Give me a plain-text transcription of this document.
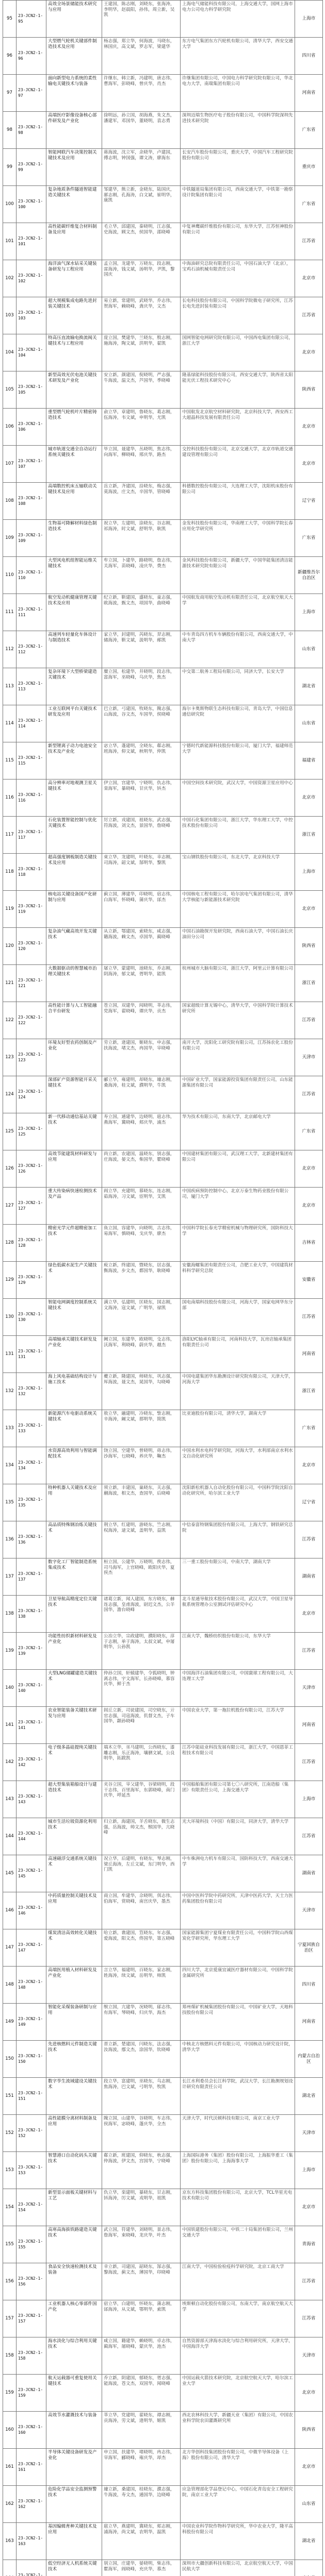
95	23-JCN2-1-95	高效全场景储能技术研究与应用	王建国，陈志刚，刘晓东，张海涛，李明华，赵晨阳，孙伟，周立新，吴凯	上海电气储能科技有限公司，上海交通大学，国网上海市电力公司电力科学研究院	上海市
96	23-JCN2-1-96	大型燃气轮机关键部件制造技术及应用	杨志强，郑立华，何海波，马晓东，林国庆，高文斌，罗志军，梁建华	东方电气集团东方汽轮机有限公司，清华大学，西安交通大学	四川省
97	23-JCN2-1-97	面向新型电力系统的柔性输电关键技术与装备	许继东，韩立新，冯建明，唐志伟，曹海军，彭晓峰，曾庆华，肖杰	许继集团有限公司，中国电力科学研究院有限公司，华北电力大学，南瑞集团有限公司	河南省
98	23-JCN2-1-98	高端医疗影像设备核心部件研发及产业化	徐明远，孙立国，胡海燕，朱文杰，潘建军，邓国华，董晓明，袁志勇	深圳迈瑞生物医疗电子股份有限公司，中国科学院深圳先进技术研究院	广东省
99	23-JCN2-1-99	智能网联汽车决策控制关键技术及应用	蒋海波，沈立军，余晓华，卢建国，傅志明，钟国强，谭文涛，廖海东	长安汽车股份有限公司，重庆大学，中国汽车工程研究院股份有限公司	重庆市
100	23-JCN2-1-100	复杂地质条件隧道智能建造关键技术	邹建华，熊立新，金晓东，陆国庆，郝志刚，孔海涛，白文斌，崔明华，康凯	中铁隧道局集团有限公司，西南交通大学，中铁第一勘察设计院集团有限公司	广东省
101	23-JCN2-1-101	高性能碳纤维复合材料制备及应用	毛立华，邱建国，秦晓明，江志强，史海波，顾文杰，侯国华，邵晓峰	中复神鹰碳纤维股份有限公司，东华大学，江苏恒神股份有限公司	江苏省
102	23-JCN2-1-102	海洋油气深水钻采关键装备研发与工程应用	孟立国，龙建华，万晓东，段志刚，雷海涛，钱文斌，汤明华，尹凯，黎国庆	中海油研究总院有限责任公司，中国石油大学（北京），宝鸡石油机械有限责任公司	北京市
103	23-JCN2-1-103	超大规模集成电路先进封装关键技术	易立新，常建明，武晓华，乔志伟，贺海军，赖晓峰，龚庆华，文杰	长电科技股份有限公司，中国科学院微电子研究所，江苏长电先进封装有限公司	江苏省
104	23-JCN2-1-104	特高压直流输电换流阀关键技术与工程应用	庞立国，樊建华，兰晓东，殷志刚，施海涛，陶文斌，洪明华，翟凯	国网智能电网研究院有限公司，中国西电集团有限公司，浙江大学	北京市
105	23-JCN2-1-105	新型高效光伏电池关键技术研发及产业化	安立新，颜建国，倪晓明，严志强，牛海波，温文杰，芦国华，季晓峰	隆基绿能科技股份有限公司，西安交通大学，陕西省太阳能光伏工程技术研究中心	陕西省
106	23-JCN2-1-106	重型燃气轮机叶片精密铸造技术	俞立华，章建明，鲁晓东，葛志刚，伍海涛，韦文斌，申明华，尤凯	中国航发北京航空材料研究院，北京科技大学，西安西工大超晶科技发展有限责任公司	北京市
107	23-JCN2-1-107	城市轨道交通全自动运行系统关键技术	毕立国，聂建华，丛晓明，焦志伟，向海军，柳晓峰，邢庆华，路杰	交控科技股份有限公司，北京交通大学，北京市轨道交通建设管理有限公司	北京市
108	23-JCN2-1-108	高端数控机床五轴联动关键技术及应用	岳立新，齐建国，沿晓东，梅志强，莫海波，庄文杰，辛国华，管晓峰	科德数控股份有限公司，大连理工大学，沈阳机床股份有限公司	辽宁省
109	23-JCN2-1-109	生物基可降解材料绿色制造技术	祝立华，左建明，涂晓东，谷志刚，祁海涛，时文斌，舒明华，耿凯	金发科技股份有限公司，华南理工大学，中国科学院长春应用化学研究所	广东省
110	23-JCN2-1-110	大型风电机组智能运维关键技术	牟立国，卜建华，路晓明，詹志伟，关海军，苗晓峰，凌庆华，费杰	金风科技股份有限公司，新疆大学，中国华能集团清洁能源技术研究院有限公司	新疆维吾尔自治区
111	23-JCN2-1-111	航空发动机健康管理关键技术及应用	纪立新，靳建国，盛晓东，童志强，欧海波，甄文杰，项国华，曲晓峰	中国航发商用航空发动机有限责任公司，北京航空航天大学	上海市
112	23-JCN2-1-112	高速列车轻量化车体设计与制造技术	家立华，封建明，芮晓东，羿志刚，储海涛，靳文斌，汲明华，邴凯	中车青岛四方机车车辆股份有限公司，西南交通大学，中南大学	山东省
113	23-JCN2-1-113	复杂环境下大型桥梁建造关键技术	糜立国，松建华，井晓明，段志伟，富海军，巫晓峰，乌庆华，焦杰	中交第二航务工程局有限公司，同济大学，长安大学	湖北省
114	23-JCN2-1-114	工业互联网平台关键技术研发及应用	巴立新，弓建国，牧晓东，隗志强，山海波，谷文杰，车国华，侯晓峰	海尔卡奥斯物联生态科技有限公司，青岛大学，中国信息通信研究院	山东省
115	23-JCN2-1-115	新型锂离子动力电池安全技术及产业化	宓立华，蓬建明，全晓东，郗志刚，班海涛，仰文斌，秋明华，仲凯	宁德时代新能源科技股份有限公司，厦门大学，福建师范大学	福建省
116	23-JCN2-1-116	高分辨率对地观测卫星关键技术	伊立国，宫建华，宁晓明，仇志伟，栾海军，暴晓峰，甘庆华，钭杰	中国空间技术研究院，武汉大学，中国资源卫星应用中心	北京市
117	23-JCN2-1-117	石化装置智能控制与优化关键技术	厉立新，戎建国，祖晓东，武志强，符海波，刘文杰，景国华，詹晓峰	中国石化集团有限公司，浙江大学，华东理工大学，中控技术股份有限公司	浙江省
118	23-JCN2-1-118	超高强度钢板制造关键技术及应用	束立华，龙建明，叶晓东，幸志刚，司海涛，韶文斌，郜明华，黎凯	宝山钢铁股份有限公司，东北大学，北京科技大学	上海市
119	23-JCN2-1-119	核电站关键设备国产化研制与应用	蓟立国，薄建华，印晓明，宿志伟，白海军，怀晓峰，蒲庆华，邰杰	中国核电工程有限公司，哈尔滨电气集团有限公司，清华大学核能与新能源技术研究院	北京市
120	23-JCN2-1-120	复杂油气藏高效开发关键技术	从立新，鄂建国，索晓东，咸志强，籍海波，赖文杰，卓国华，蔺晓峰	中国石油勘探开发研究院，西南石油大学，中国石油长庆油田分公司	陕西省
121	23-JCN2-1-121	大数据驱动的智慧城市治理关键技术	屠立华，蒙建明，池晓东，乔志刚，阴海涛，郁文斌，胥明华，能凯	杭州城市大脑有限公司，浙江大学，阿里云计算有限公司	浙江省
122	23-JCN2-1-122	高性能计算与人工智能融合平台研发	苍立国，双建华，闻晓明，莘志伟，党海军，翟晓峰，谭庆华，贡杰	国家超级计算无锡中心，清华大学，中国科学院计算技术研究所	江苏省
123	23-JCN2-1-123	环境友好型农药创制及产业化	劳立新，逄建国，姬晓东，申志强，扶海波，堵文杰，冉国华，宰晓峰	南开大学，沈阳化工研究院有限公司，江苏扬农化工股份有限公司	天津市
124	23-JCN2-1-124	深部矿产资源智能开采关键技术	郦立华，雍建明，却晓东，璩志刚，桑海涛，桂文斌，濮明华，牛凯	中国矿业大学，国家能源投资集团有限责任公司，山东能源集团有限公司	江苏省
125	23-JCN2-1-125	新一代移动通信基站关键技术	寿立国，通建华，边晓明，扈志伟，燕海军，冀晓峰，郏庆华，浦杰	华为技术有限公司，东南大学，北京邮电大学	广东省
126	23-JCN2-1-126	高效节能建筑材料研发与应用	尚立新，农建国，温晓东，别志强，庄海波，晏文杰，柴国华，瞿晓峰	中国建材集团有限公司，武汉理工大学，北新建材集团有限公司	北京市
127	23-JCN2-1-127	重大传染病快速检测技术及产品	阎立华，充建明，慕晓东，连志刚，茹海涛，习文斌，宦明华，艾凯	中国疾病预防控制中心，北京万泰生物药业股份有限公司，厦门大学	北京市
128	23-JCN2-1-128	精密光学元件超精密加工技术	鱼立国，容建华，向晓明，古志伟，易海军，慎晓峰，戈庆华，廖杰	中国科学院长春光学精密机械与物理研究所，国防科技大学	吉林省
129	23-JCN2-1-129	绿色低碳水泥生产关键技术	庾立新，终建国，暨晓东，居志强，衡海波，步文杰，都国华，耿晓峰	安徽海螺集团有限责任公司，合肥工业大学，中国建筑材料科学研究总院	安徽省
130	23-JCN2-1-130	智能电网调度控制系统关键技术	满立华，弘建明，匡晓东，国志刚，文海涛，寇文斌，广明华，禄凯	国电南瑞科技股份有限公司，河海大学，国家电网华东分部	江苏省
131	23-JCN2-1-131	高端轴承关键技术研发及产业化	阙立国，东建华，欧晓明，殳志伟，沃海军，利晓峰，蔚庆华，越杰	洛阳LYC轴承有限公司，河南科技大学，瓦房店轴承集团有限责任公司	河南省
132	23-JCN2-1-132	海上风电基础结构设计与施工技术	夔立新，隆建国，师晓东，巩志强，厍海波，聂文杰，晁国华，勾晓峰	中国电建集团华东勘测设计研究院有限公司，天津大学，河海大学	浙江省
133	23-JCN2-1-133	新能源汽车电驱动系统关键技术	敖立华，融建明，冷晓东，訾志刚，辛海涛，阚文斌，那明华，简凯	比亚迪股份有限公司，清华大学，湖南大学	广东省
134	23-JCN2-1-134	水资源高效利用与智能调配技术	饶立国，空建华，曾晓明，毋志伟，沙海军，乜晓峰，养庆华，鞠杰	中国水利水电科学研究院，河海大学，水利部南京水利水文自动化研究所	北京市
135	23-JCN2-1-135	特种机器人关键技术及应用	须立新，丰建国，巢晓东，关志强，蒯海波，相文杰，查国华，后晓峰	沈阳新松机器人自动化股份有限公司，中国科学院沈阳自动化研究所，哈尔滨工业大学	辽宁省
136	23-JCN2-1-136	高品质特殊钢冶炼关键技术	荆立华，红建明，游晓东，竺志刚，权海涛，逯文斌，盖明华，益凯	中信泰富特钢集团股份有限公司，上海大学，钢铁研究总院	江苏省
137	23-JCN2-1-137	数字化工厂智能制造系统集成技术	桓立国，公建华，万晓明，俟志伟，司马海军，上官晓峰，欧阳庆华，夏侯杰	三一重工股份有限公司，中南大学，湖南大学	湖南省
138	23-JCN2-1-138	卫星导航高精度定位关键技术	诸葛立新，闻人建国，东方晓东，赫连志强，皇甫海波，尉迟文杰，公羊国华，澹台晓峰	北斗星通导航技术股份有限公司，武汉大学，中国卫星导航系统管理办公室测试评估研究中心	北京市
139	23-JCN2-1-139	功能性纺织新材料研发及产业化	公冶立华，宗政建明，濮阳晓东，淳于志刚，单于海涛，太叔文斌，申屠明华，公孙凯	江南大学，魏桥纺织股份有限公司，东华大学	江苏省
140	23-JCN2-1-140	大型LNG储罐建造关键技术	仲孙立国，轩辕建华，令狐晓明，钟离志伟，宇文海军，长孙晓峰，慕容庆华，鲜于杰	中国海洋石油集团有限公司，中国寰球工程有限公司，大连理工大学	天津市
141	23-JCN2-1-141	农业智能装备关键技术研发与应用	闾丘立新，司徒建国，司空晓东，亓官志强，司寇海波，仉督文杰，子车国华，颛孙晓峰	中国农业大学，第一拖拉机股份有限公司，江苏大学	河南省
142	23-JCN2-1-142	电子级多晶硅提纯关键技术	端木立华，巫马建明，公西晓东，漆雕志刚，乐正海涛，壤驷文斌，公良明华，拓跋凯	江苏中能硅业科技发展有限公司，浙江大学，中国恩菲工程技术有限公司	江苏省
143	23-JCN2-1-143	超大型集装箱船设计与建造技术	夹谷立国，宰父建华，谷梁晓明，段干志伟，百里海军，东郭晓峰，南门庆华，呼延杰	中国船舶集团有限公司第七〇八研究所，江南造船（集团）有限责任公司，上海交通大学	上海市
144	23-JCN2-1-144	城市生活垃圾资源化利用技术	归立新，海建国，羊舌晓东，微生志强，岳海波，帅文杰，缑国华，亢晓峰	光大环境科技（中国）有限公司，同济大学，清华大学	江苏省
145	23-JCN2-1-145	高速磁浮交通系统关键技术	况立华，后建明，有晓东，琴志刚，梁丘海涛，左丘文斌，东门明华，西门凯	中车株洲电力机车有限公司，国防科技大学，西南交通大学	湖南省
146	23-JCN2-1-146	中药质量控制关键技术及应用	商立国，牟建华，佘晓明，佴志伟，伯海军，赏晓峰，南宫庆华，墨杰	中国中医科学院中药研究所，天津中医药大学，天士力医药集团股份有限公司	天津市
147	23-JCN2-1-147	煤炭清洁高效转化关键技术	哈立新，谯建国，笪晓东，年志强，爱海波，阳文杰，佟国华，第五晓峰	国家能源集团宁夏煤业有限责任公司，中国科学院山西煤炭化学研究所，华东理工大学	宁夏回族自治区
148	23-JCN2-1-148	高端医用植入材料研发及产业化	言立华，福建明，百晓东，家志刚，姓海涛，续文斌，岳明华，帅凯	四川大学，北京爱康宜诚医疗器材有限公司，中国科学院金属研究所	四川省
149	23-JCN2-1-149	智能化采煤装备研制与应用	缑立国，亢建华，况晓明，郈志伟，有海军，琴晓峰，归庆华，海杰	郑州煤矿机械集团股份有限公司，中国矿业大学，天地科技股份有限公司	河南省
150	23-JCN2-1-150	先进核燃料元件制造关键技术	晋立新，楚建国，闫晓东，法志强，汝海波，鄢文杰，涂国华，钦晓峰	中核北方核燃料元件有限公司，中国核动力研究设计院，清华大学	内蒙古自治区
151	23-JCN2-1-151	数字孪生流域建设关键技术	段立华，富建明，巫晓东，乌志刚，焦海涛，巴文斌，弓明华，牧凯	长江水利委员会长江科学院，武汉大学，长江勘测规划设计研究有限责任公司	湖北省
152	23-JCN2-1-152	高性能膜分离材料制备及应用	隗立国，山建华，谷晓明，车志伟，侯海军，宓晓峰，蓬庆华，全杰	天津大学，时代沃顿科技有限公司，南京工业大学	天津市
153	23-JCN2-1-153	智慧港口自动化码头关键技术	郗立新，班建国，仰晓东，秋志强，仲海波，伊文杰，宫国华，宁晓峰	上海国际港务（集团）股份有限公司，上海振华重工（集团）股份有限公司，上海海事大学	上海市
154	23-JCN2-1-154	新型显示面板关键材料与工艺	仇立华，栾建明，暴晓东，甘志刚，钭海涛，厉文斌，戎明华，祖凯	京东方科技集团股份有限公司，北京大学，TCL华星光电技术有限公司	北京市
155	23-JCN2-1-155	高寒高海拔铁路建造关键技术	武立国，符建华，刘晓明，景志伟，詹海军，束晓峰，龙庆华，叶杰	中国铁建股份有限公司，中铁二十局集团有限公司，兰州交通大学	青海省
156	23-JCN2-1-156	食品安全快速检测技术及装备	幸立新，司建国，韶晓东，郜志强，黎海波，蓟文杰，薄国华，印晓峰	江南大学，中国检验检疫科学研究院，北京工商大学	江苏省
157	23-JCN2-1-157	工业机器人核心零部件国产化	宿立华，白建明，怀晓东，蒲志刚，邰海涛，从文斌，鄂明华，索凯	埃斯顿自动化股份有限公司，东南大学，南京航空航天大学	江苏省
158	23-JCN2-1-158	海水淡化与综合利用关键技术	咸立国，籍建华，赖晓明，卓志伟，蔺海军，屠晓峰，蒙庆华，池杰	自然资源部天津海水淡化与综合利用研究所，天津大学，中国海洋大学	天津市
159	23-JCN2-1-159	航天运载器可重复使用关键技术	乔立新，阴建国，郁晓东，胥志强，能海波，苍文杰，双国华，闻晓峰	中国运载火箭技术研究院，北京航空航天大学，哈尔滨工业大学	北京市
160	23-JCN2-1-160	高效节水灌溉技术与装备	莘立华，党建明，翟晓东，谭志刚，贡海涛，劳文斌，逄明华，姬凯	西北农林科技大学，新疆天业（集团）有限公司，中国农业科学院农田灌溉研究所	陕西省
161	23-JCN2-1-161	半导体关键设备研发及产业化	申立国，扶建华，堵晓明，冉志伟，宰海军，郦晓峰，雍庆华，却杰	北方华创科技集团股份有限公司，中微半导体设备（上海）股份有限公司，清华大学	北京市
162	23-JCN2-1-162	危险化学品安全监测预警技术	璩立新，桑建国，桂晓东，濮志强，牛海波，寿文杰，通国华，边晓峰	应急管理部化学品登记中心，中国石化青岛安全工程研究院，南京工业大学	山东省
163	23-JCN2-1-163	基因编辑育种关键技术及应用	扈立华，燕建明，冀晓东，郏志刚，浦海涛，尚文斌，农明华，温凯	中国农业科学院作物科学研究所，华中农业大学，隆平高科股份有限公司	湖北省
	23-JCN2-1-	低空经济无人机系统关键技术	别立国，庄建华，晏晓明，柴志伟，瞿海军，阎晓峰，充庆华，慕杰	深圳市大疆创新科技有限公司，北京航空航天大学，中国民航大学	
